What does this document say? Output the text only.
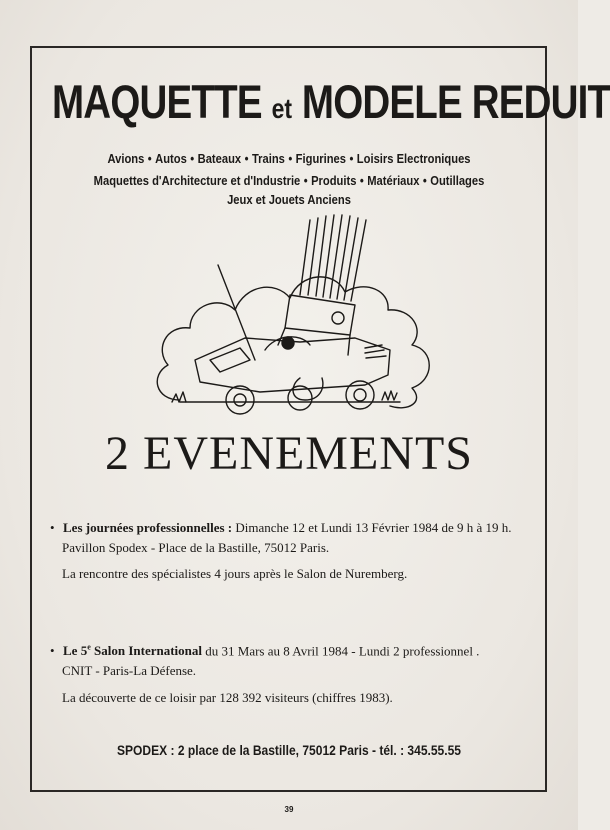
MAQUETTE et MODELE REDUIT
Avions • Autos • Bateaux • Trains • Figurines • Loisirs Electroniques
Maquettes d'Architecture et d'Industrie • Produits • Matériaux • Outillages
Jeux et Jouets Anciens
2 EVENEMENTS
• Les journées professionnelles : Dimanche 12 et Lundi 13 Février 1984 de 9 h à 19 h.
Pavillon Spodex - Place de la Bastille, 75012 Paris.
La rencontre des spécialistes 4 jours après le Salon de Nuremberg.
• Le 5e Salon International du 31 Mars au 8 Avril 1984 - Lundi 2 professionnel .
CNIT - Paris-La Défense.
La découverte de ce loisir par 128 392 visiteurs (chiffres 1983).
SPODEX : 2 place de la Bastille, 75012 Paris - tél. : 345.55.55
39
